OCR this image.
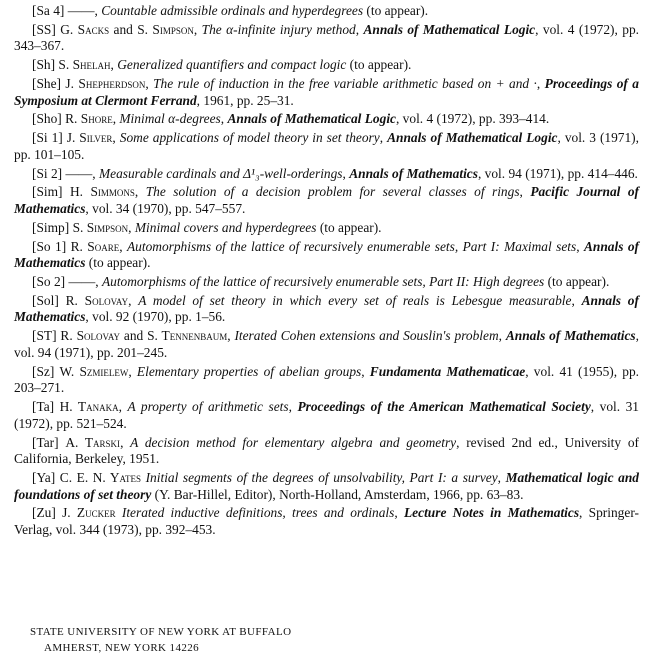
[Sa 4] ——, Countable admissible ordinals and hyperdegrees (to appear).
[SS] G. Sacks and S. Simpson, The α-infinite injury method, Annals of Mathematical Logic, vol. 4 (1972), pp. 343–367.
[Sh] S. Shelah, Generalized quantifiers and compact logic (to appear).
[She] J. Shepherdson, The rule of induction in the free variable arithmetic based on + and ·, Proceedings of a Symposium at Clermont Ferrand, 1961, pp. 25–31.
[Sho] R. Shore, Minimal α-degrees, Annals of Mathematical Logic, vol. 4 (1972), pp. 393–414.
[Si 1] J. Silver, Some applications of model theory in set theory, Annals of Mathematical Logic, vol. 3 (1971), pp. 101–105.
[Si 2] ——, Measurable cardinals and Δ¹₃-well-orderings, Annals of Mathematics, vol. 94 (1971), pp. 414–446.
[Sim] H. Simmons, The solution of a decision problem for several classes of rings, Pacific Journal of Mathematics, vol. 34 (1970), pp. 547–557.
[Simp] S. Simpson, Minimal covers and hyperdegrees (to appear).
[So 1] R. Soare, Automorphisms of the lattice of recursively enumerable sets, Part I: Maximal sets, Annals of Mathematics (to appear).
[So 2] ——, Automorphisms of the lattice of recursively enumerable sets, Part II: High degrees (to appear).
[Sol] R. Solovay, A model of set theory in which every set of reals is Lebesgue measurable, Annals of Mathematics, vol. 92 (1970), pp. 1–56.
[ST] R. Solovay and S. Tennenbaum, Iterated Cohen extensions and Souslin's problem, Annals of Mathematics, vol. 94 (1971), pp. 201–245.
[Sz] W. Szmielew, Elementary properties of abelian groups, Fundamenta Mathematicae, vol. 41 (1955), pp. 203–271.
[Ta] H. Tanaka, A property of arithmetic sets, Proceedings of the American Mathematical Society, vol. 31 (1972), pp. 521–524.
[Tar] A. Tarski, A decision method for elementary algebra and geometry, revised 2nd ed., University of California, Berkeley, 1951.
[Ya] C. E. N. Yates Initial segments of the degrees of unsolvability, Part I: a survey, Mathematical logic and foundations of set theory (Y. Bar-Hillel, Editor), North-Holland, Amsterdam, 1966, pp. 63–83.
[Zu] J. Zucker Iterated inductive definitions, trees and ordinals, Lecture Notes in Mathematics, Springer-Verlag, vol. 344 (1973), pp. 392–453.
STATE UNIVERSITY OF NEW YORK AT BUFFALO
AMHERST, NEW YORK 14226
